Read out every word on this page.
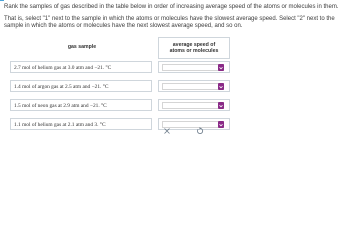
Rank the samples of gas described in the table below in order of increasing average speed of the atoms or molecules in them.
That is, select "1" next to the sample in which the atoms or molecules have the slowest average speed. Select "2" next to the
sample in which the atoms or molecules have the next slowest average speed, and so on.
gas sample	average speed of
atoms or molecules
2.7 mol of helium gas at 3.0 atm and −21. °C
1.4 mol of argon gas at 2.5 atm and −21. °C
1.5 mol of neon gas at 2.9 atm and −21. °C
1.1 mol of helium gas at 2.1 atm and 3. °C
